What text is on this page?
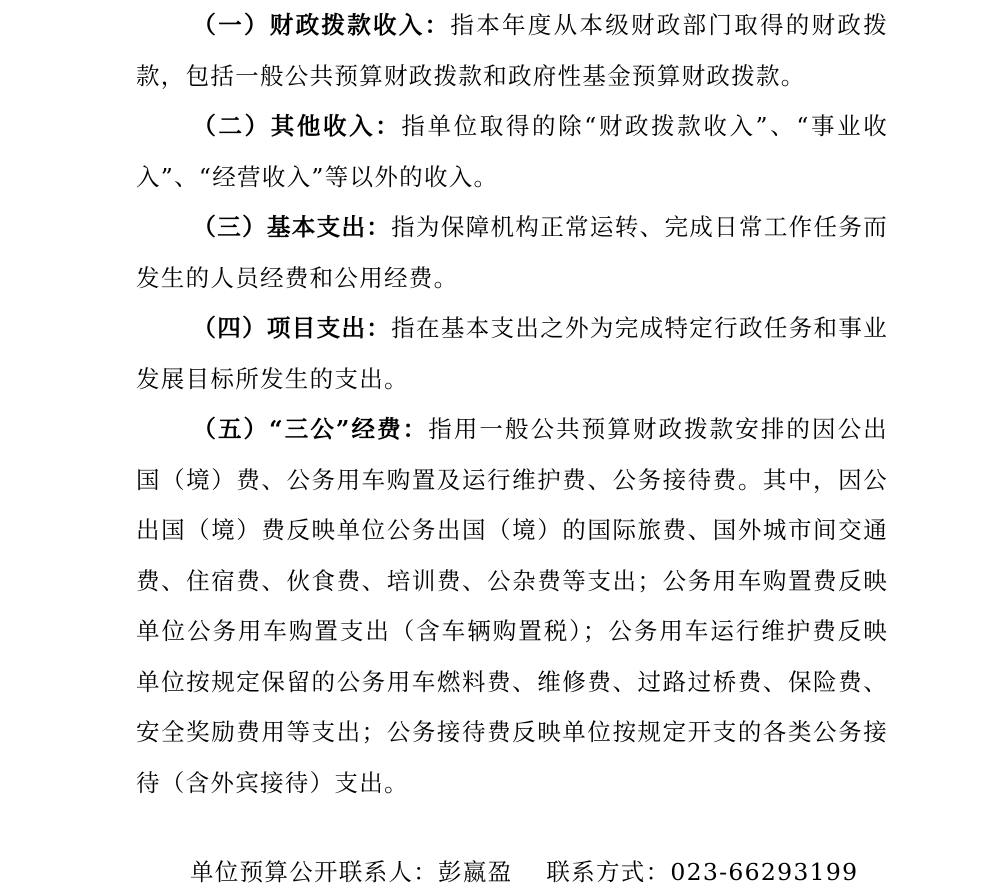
（一）财政拨款收入：指本年度从本级财政部门取得的财政拨款，包括一般公共预算财政拨款和政府性基金预算财政拨款。

（二）其他收入：指单位取得的除“财政拨款收入”、“事业收入”、“经营收入”等以外的收入。

（三）基本支出：指为保障机构正常运转、完成日常工作任务而发生的人员经费和公用经费。

（四）项目支出：指在基本支出之外为完成特定行政任务和事业发展目标所发生的支出。

（五）“三公”经费：指用一般公共预算财政拨款安排的因公出国（境）费、公务用车购置及运行维护费、公务接待费。其中，因公出国（境）费反映单位公务出国（境）的国际旅费、国外城市间交通费、住宿费、伙食费、培训费、公杂费等支出；公务用车购置费反映单位公务用车购置支出（含车辆购置税）；公务用车运行维护费反映单位按规定保留的公务用车燃料费、维修费、过路过桥费、保险费、安全奖励费用等支出；公务接待费反映单位按规定开支的各类公务接待（含外宾接待）支出。

单位预算公开联系人：彭嬴盈 联系方式：023-66293199
